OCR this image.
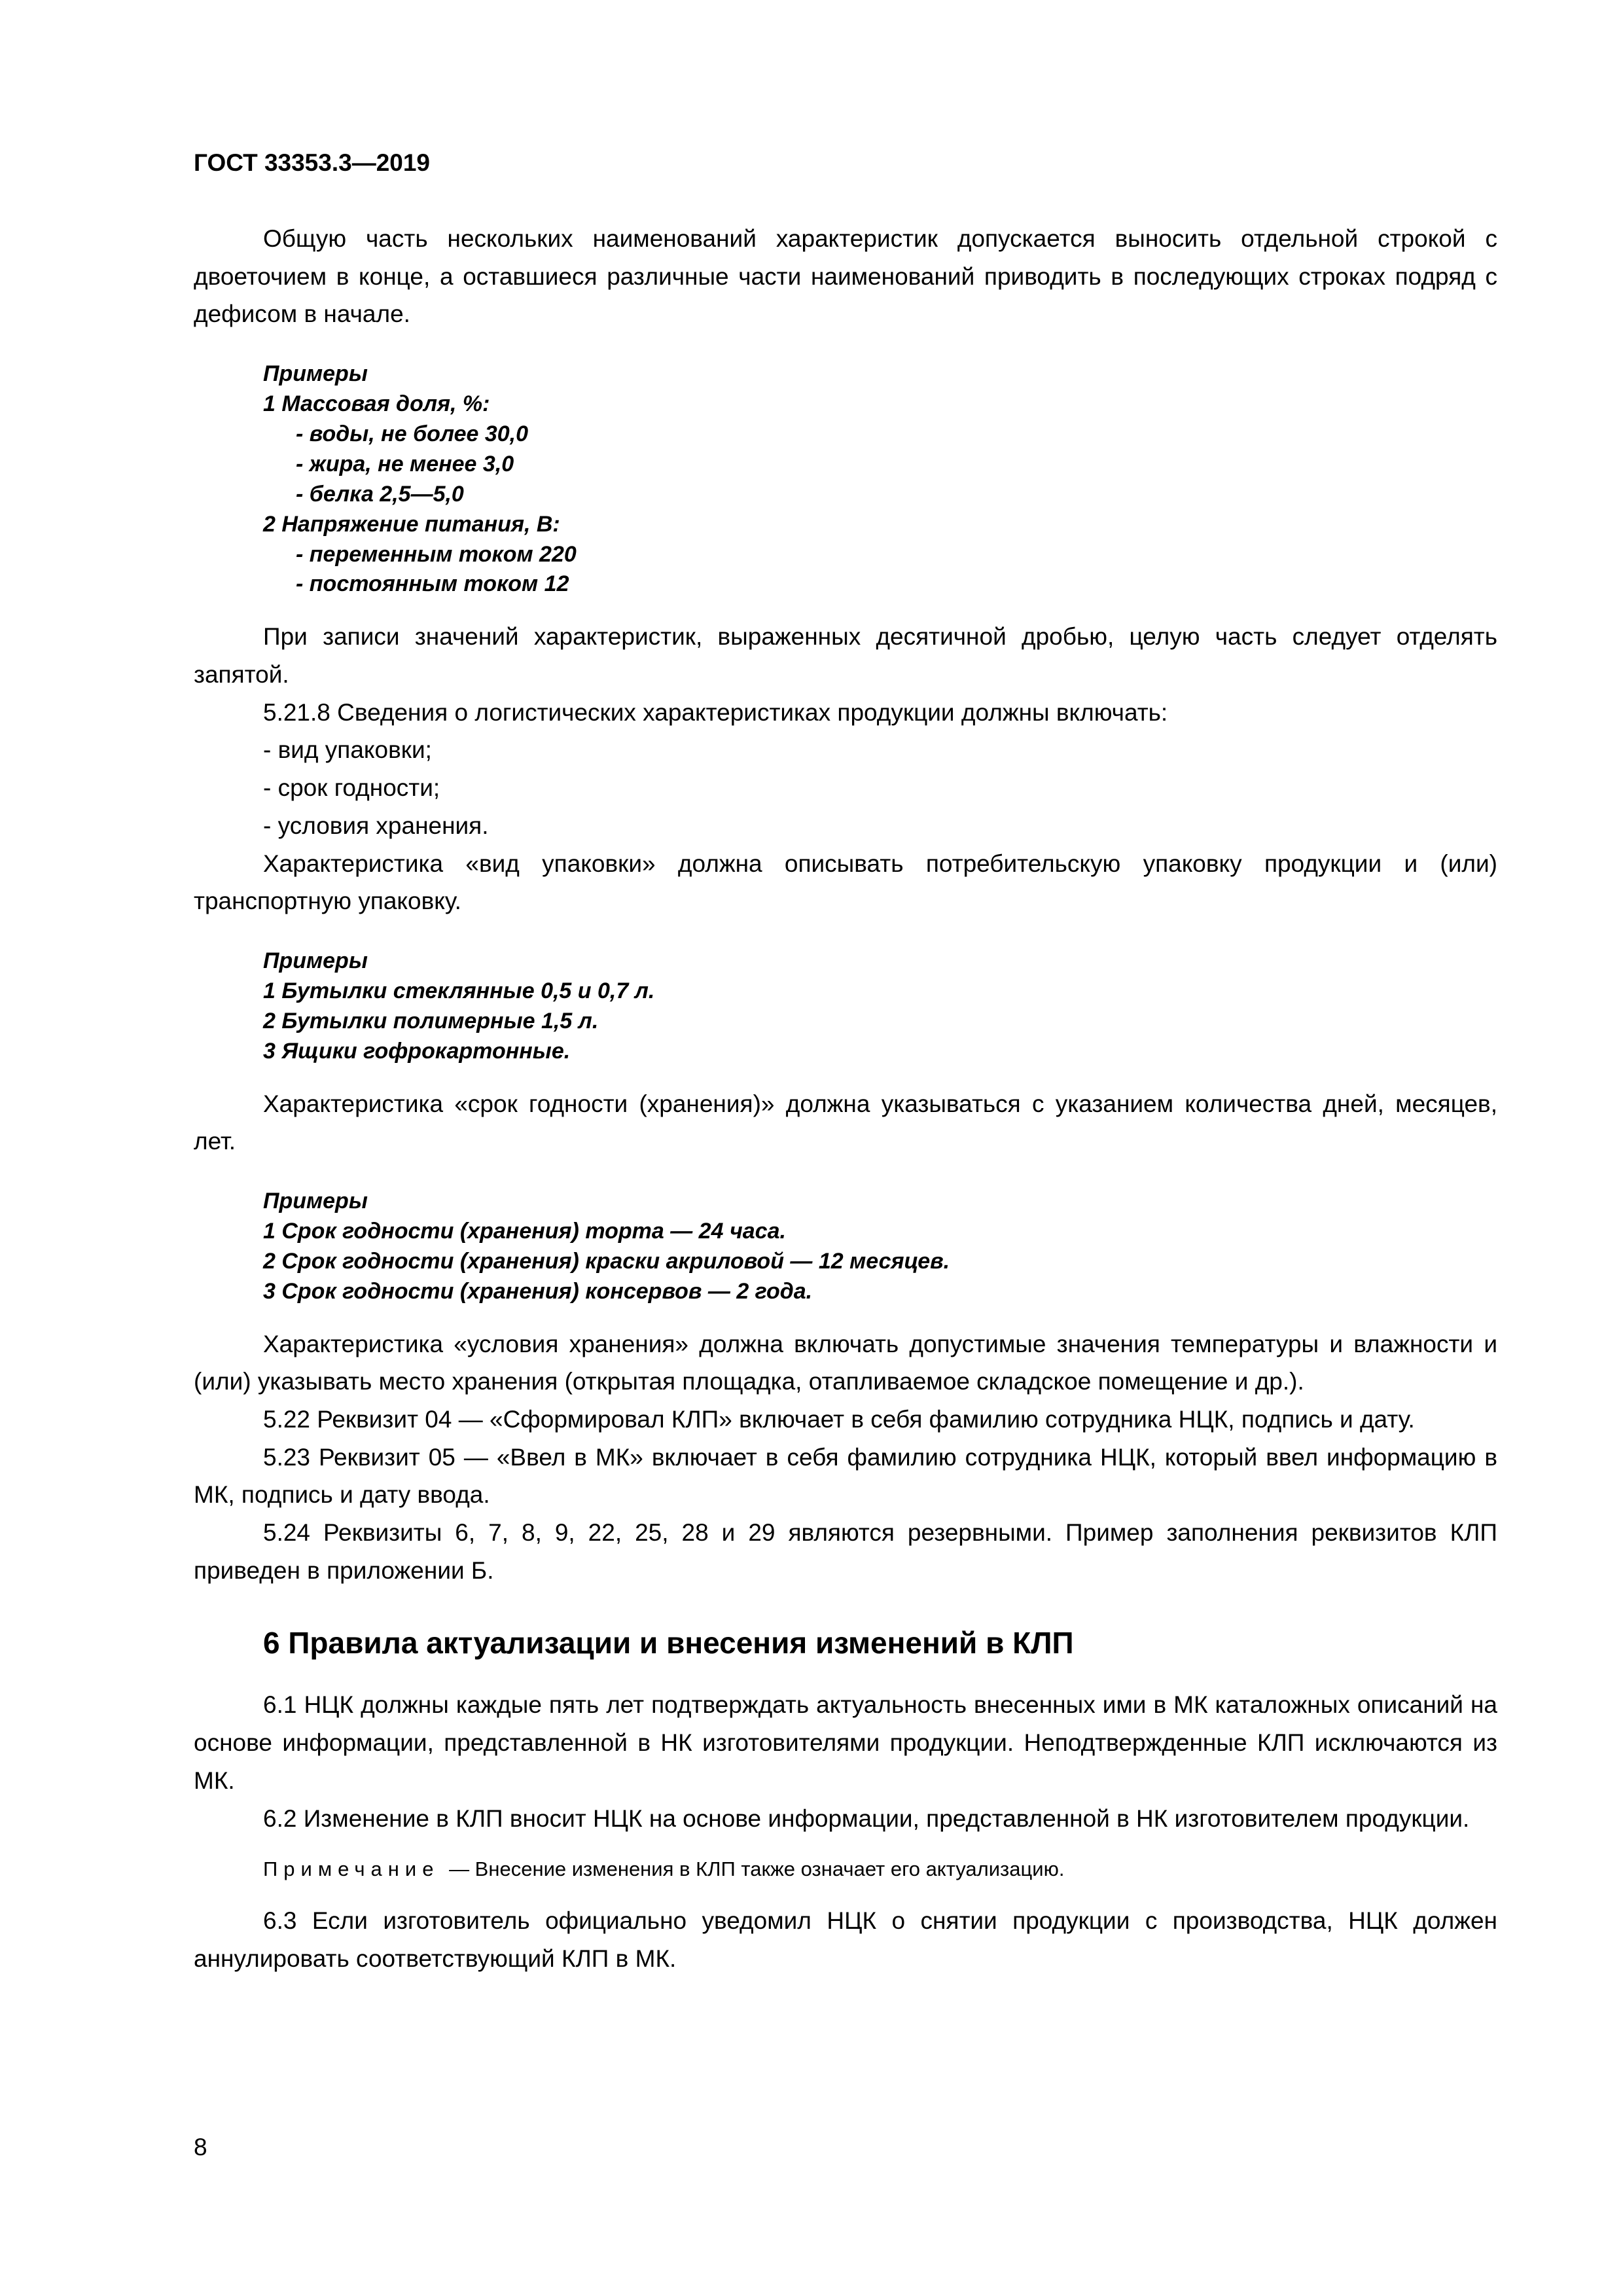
ГОСТ 33353.3—2019

Общую часть нескольких наименований характеристик допускается выносить отдельной строкой с двоеточием в конце, а оставшиеся различные части наименований приводить в последующих строках подряд с дефисом в начале.

Примеры
1 Массовая доля, %:
- воды, не более 30,0
- жира, не менее 3,0
- белка 2,5—5,0
2 Напряжение питания, В:
- переменным током 220
- постоянным током 12

При записи значений характеристик, выраженных десятичной дробью, целую часть следует отделять запятой.

5.21.8 Сведения о логистических характеристиках продукции должны включать:

- вид упаковки;

- срок годности;

- условия хранения.

Характеристика «вид упаковки» должна описывать потребительскую упаковку продукции и (или) транспортную упаковку.

Примеры
1 Бутылки стеклянные 0,5 и 0,7 л.
2 Бутылки полимерные 1,5 л.
3 Ящики гофрокартонные.

Характеристика «срок годности (хранения)» должна указываться с указанием количества дней, месяцев, лет.

Примеры
1 Срок годности (хранения) торта — 24 часа.
2 Срок годности (хранения) краски акриловой — 12 месяцев.
3 Срок годности (хранения) консервов — 2 года.

Характеристика «условия хранения» должна включать допустимые значения температуры и влажности и (или) указывать место хранения (открытая площадка, отапливаемое складское помещение и др.).

5.22 Реквизит 04 — «Сформировал КЛП» включает в себя фамилию сотрудника НЦК, подпись и дату.

5.23 Реквизит 05 — «Ввел в МК» включает в себя фамилию сотрудника НЦК, который ввел информацию в МК, подпись и дату ввода.

5.24 Реквизиты 6, 7, 8, 9, 22, 25, 28 и 29 являются резервными. Пример заполнения реквизитов КЛП приведен в приложении Б.

6 Правила актуализации и внесения изменений в КЛП

6.1 НЦК должны каждые пять лет подтверждать актуальность внесенных ими в МК каталожных описаний на основе информации, представленной в НК изготовителями продукции. Неподтвержденные КЛП исключаются из МК.

6.2 Изменение в КЛП вносит НЦК на основе информации, представленной в НК изготовителем продукции.

Примечание — Внесение изменения в КЛП также означает его актуализацию.

6.3 Если изготовитель официально уведомил НЦК о снятии продукции с производства, НЦК должен аннулировать соответствующий КЛП в МК.

8
